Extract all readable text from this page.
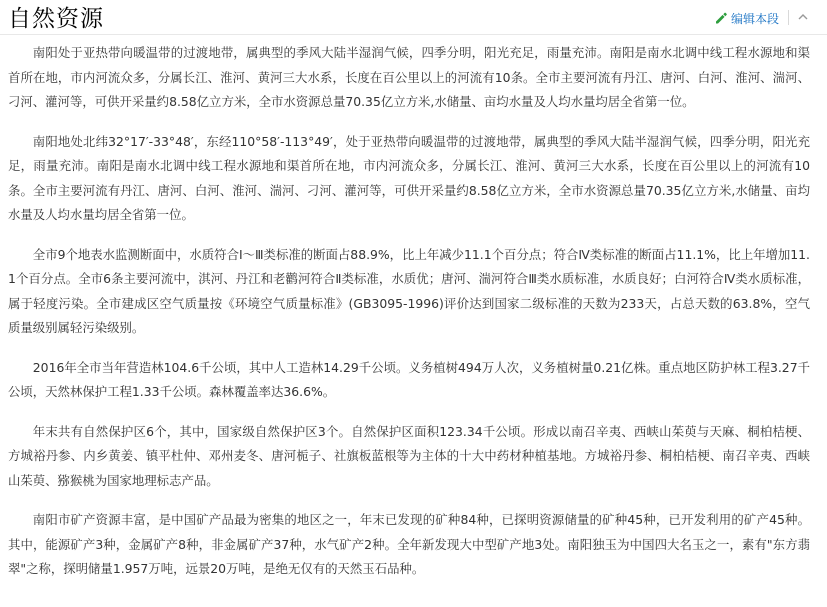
自然资源	编辑本段

南阳处于亚热带向暖温带的过渡地带，属典型的季风大陆半湿润气候，四季分明，阳光充足，雨量充沛。南阳是南水北调中线工程水源地和渠首所在地，市内河流众多，分属长江、淮河、黄河三大水系，长度在百公里以上的河流有10条。全市主要河流有丹江、唐河、白河、淮河、湍河、刁河、灌河等，可供开采量约8.58亿立方米，全市水资源总量70.35亿立方米,水储量、亩均水量及人均水量均居全省第一位。

南阳地处北纬32°17′-33°48′，东经110°58′-113°49′，处于亚热带向暖温带的过渡地带，属典型的季风大陆半湿润气候，四季分明，阳光充足，雨量充沛。南阳是南水北调中线工程水源地和渠首所在地，市内河流众多，分属长江、淮河、黄河三大水系，长度在百公里以上的河流有10条。全市主要河流有丹江、唐河、白河、淮河、湍河、刁河、灌河等，可供开采量约8.58亿立方米，全市水资源总量70.35亿立方米,水储量、亩均水量及人均水量均居全省第一位。

全市9个地表水监测断面中，水质符合Ⅰ～Ⅲ类标准的断面占88.9%，比上年减少11.1个百分点；符合Ⅳ类标准的断面占11.1%，比上年增加11.1个百分点。全市6条主要河流中，淇河、丹江和老鹳河符合Ⅱ类标准，水质优；唐河、湍河符合Ⅲ类水质标准，水质良好；白河符合Ⅳ类水质标准，属于轻度污染。全市建成区空气质量按《环境空气质量标准》(GB3095-1996)评价达到国家二级标准的天数为233天，占总天数的63.8%，空气质量级别属轻污染级别。

2016年全市当年营造林104.6千公顷，其中人工造林14.29千公顷。义务植树494万人次，义务植树量0.21亿株。重点地区防护林工程3.27千公顷，天然林保护工程1.33千公顷。森林覆盖率达36.6%。

年末共有自然保护区6个，其中，国家级自然保护区3个。自然保护区面积123.34千公顷。形成以南召辛夷、西峡山茱萸与天麻、桐柏桔梗、方城裕丹参、内乡黄姜、镇平杜仲、邓州麦冬、唐河栀子、社旗板蓝根等为主体的十大中药材种植基地。方城裕丹参、桐柏桔梗、南召辛夷、西峡山茱萸、猕猴桃为国家地理标志产品。

南阳市矿产资源丰富，是中国矿产品最为密集的地区之一，年末已发现的矿种84种，已探明资源储量的矿种45种，已开发利用的矿产45种。其中，能源矿产3种，金属矿产8种，非金属矿产37种，水气矿产2种。全年新发现大中型矿产地3处。南阳独玉为中国四大名玉之一，素有"东方翡翠"之称，探明储量1.957万吨，远景20万吨，是绝无仅有的天然玉石品种。
